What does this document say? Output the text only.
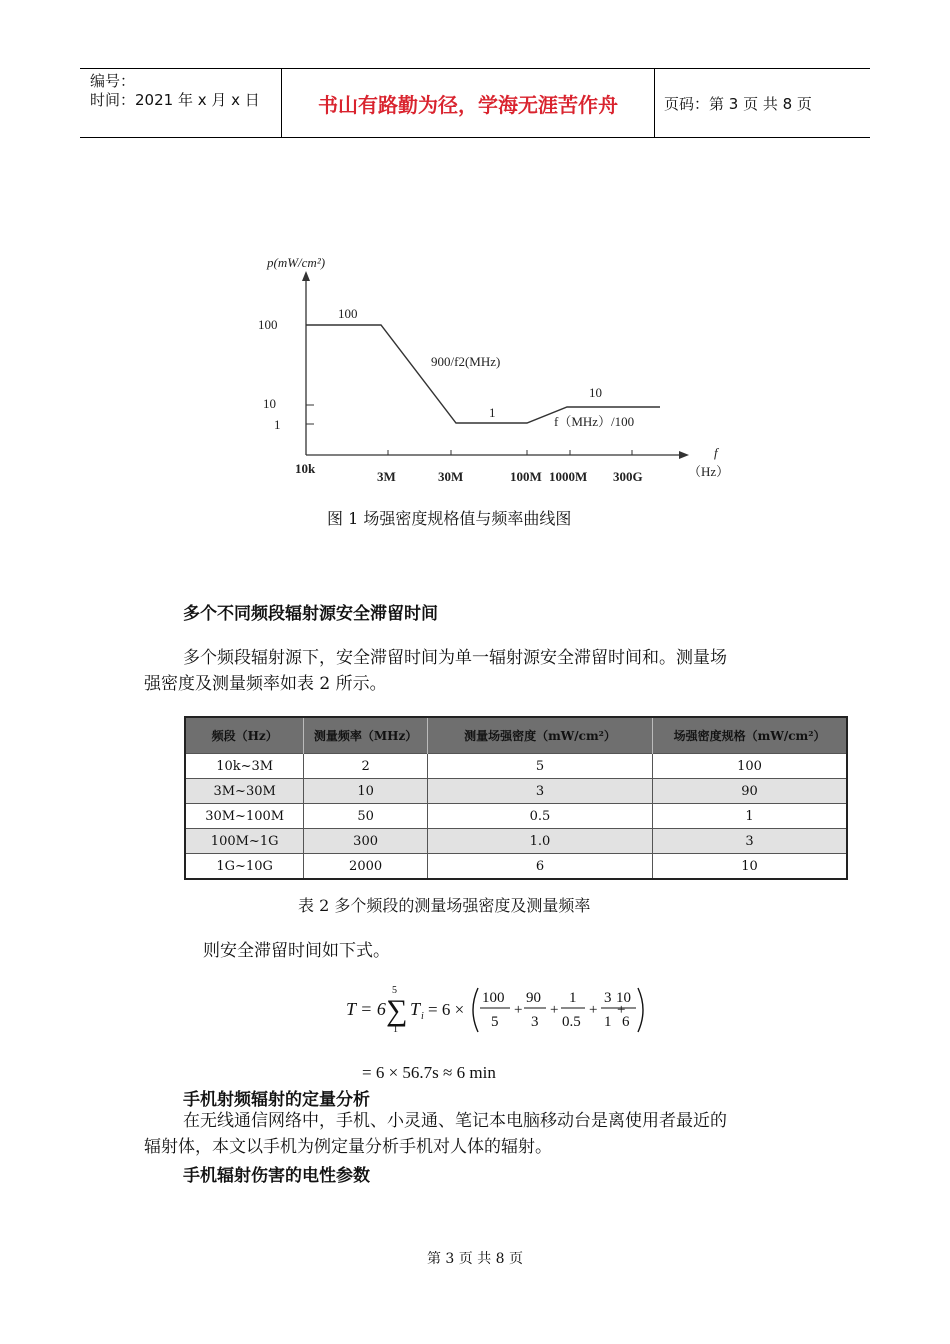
编号：
时间：2021 年 x 月 x 日	书山有路勤为径，学海无涯苦作舟	页码：第 3 页 共 8 页
p(mW/cm²)
100
10
1
10k
3M	30M	100M 1000M 300G
f
（Hz）
100
900/f2(MHz)
1
10
f（MHz）/100
图 1 场强密度规格值与频率曲线图
多个不同频段辐射源安全滞留时间
多个频段辐射源下，安全滞留时间为单一辐射源安全滞留时间和。测量场
强密度及测量频率如表 2 所示。
频段（Hz）	测量频率（MHz）	测量场强密度（mW/cm²）	场强密度规格（mW/cm²）
10k~3M	2	5	100
3M~30M	10	3	90
30M~100M	50	0.5	1
100M~1G	300	1.0	3
1G~10G	2000	6	10
表 2 多个频段的测量场强密度及测量频率
则安全滞留时间如下式。
T = 6
5
∑
1
T i = 6 ×
100
5
+
90
3
+
1
0.5
+
3
1
+
10
6
= 6 × 56.7s ≈ 6 min
手机射频辐射的定量分析
在无线通信网络中，手机、小灵通、笔记本电脑移动台是离使用者最近的
辐射体，本文以手机为例定量分析手机对人体的辐射。
手机辐射伤害的电性参数
第 3 页 共 8 页
